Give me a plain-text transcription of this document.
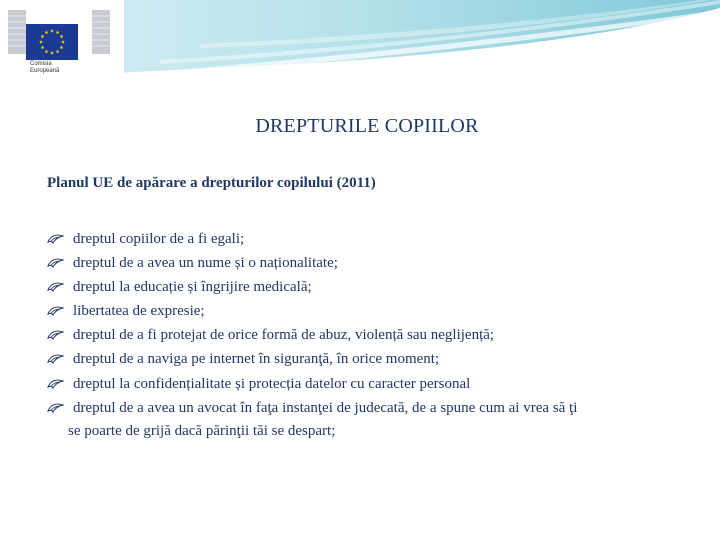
Comisia
Europeană
DREPTURILE COPIILOR
Planul UE de apărare a drepturilor copilului (2011)
dreptul copiilor de a fi egali;
dreptul de a avea un nume și o naționalitate;
dreptul la educație și îngrijire medicală;
libertatea de expresie;
dreptul de a fi protejat de orice formă de abuz, violență sau neglijență;
dreptul de a naviga pe internet în siguranţă, în orice moment;
dreptul la confidențialitate și protecția datelor cu caracter personal
dreptul de a avea un avocat în faţa instanţei de judecată, de a spune cum ai vrea să ţi
se poarte de grijă dacă părinţii tăi se despart;
